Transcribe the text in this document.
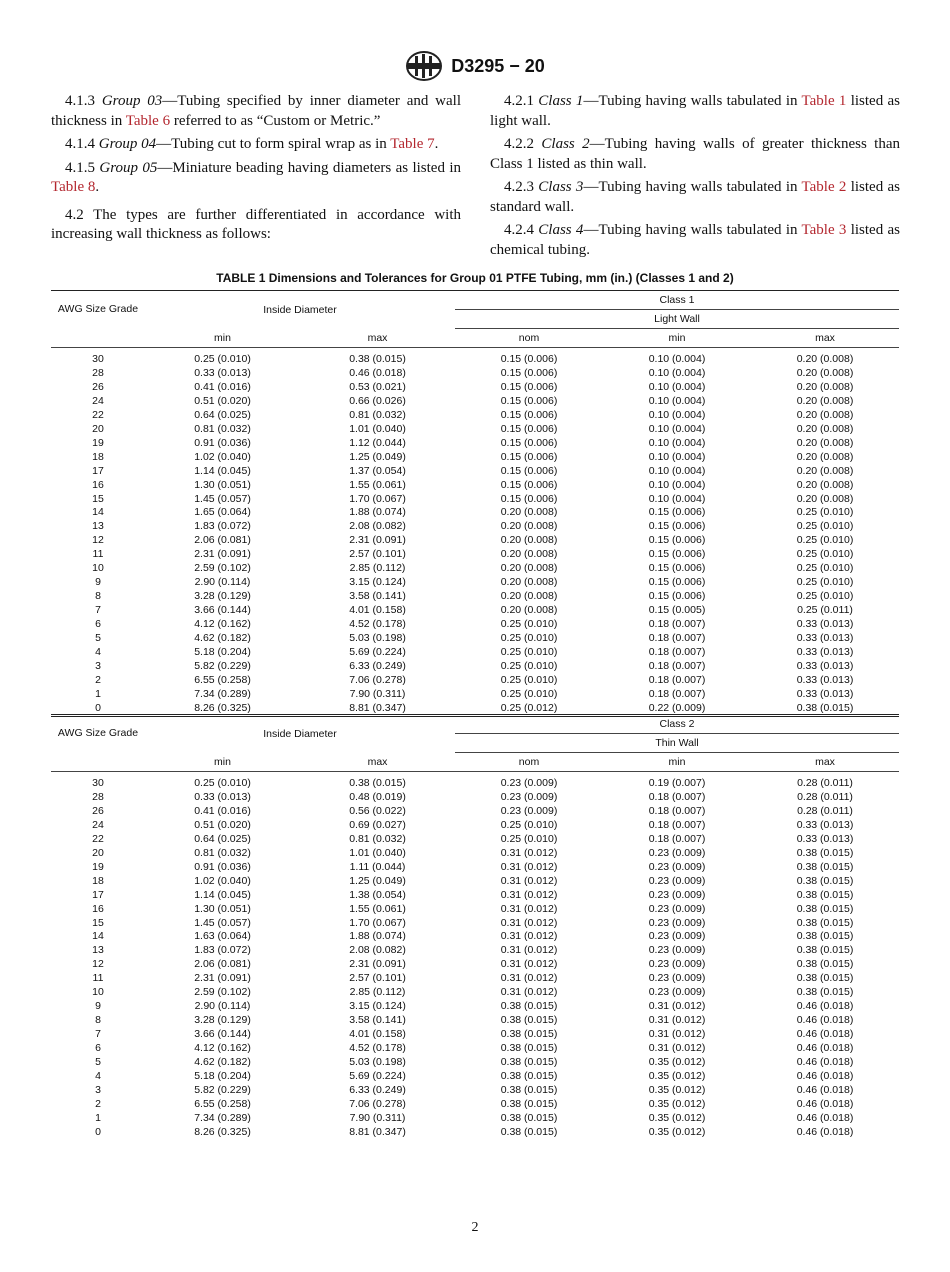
D3295 − 20

4.1.3 Group 03—Tubing specified by inner diameter and wall thickness in Table 6 referred to as “Custom or Metric.”

4.1.4 Group 04—Tubing cut to form spiral wrap as in Table 7.

4.1.5 Group 05—Miniature beading having diameters as listed in Table 8.

4.2 The types are further differentiated in accordance with increasing wall thickness as follows:

4.2.1 Class 1—Tubing having walls tabulated in Table 1 listed as light wall.

4.2.2 Class 2—Tubing having walls of greater thickness than Class 1 listed as thin wall.

4.2.3 Class 3—Tubing having walls tabulated in Table 2 listed as standard wall.

4.2.4 Class 4—Tubing having walls tabulated in Table 3 listed as chemical tubing.

TABLE 1 Dimensions and Tolerances for Group 01 PTFE Tubing, mm (in.) (Classes 1 and 2)
AWG Size Grade	Inside Diameter		Class 1		
			Light Wall		
	min	max	nom	min	max
30	0.25 (0.010)	0.38 (0.015)	0.15 (0.006)	0.10 (0.004)	0.20 (0.008)
28	0.33 (0.013)	0.46 (0.018)	0.15 (0.006)	0.10 (0.004)	0.20 (0.008)
26	0.41 (0.016)	0.53 (0.021)	0.15 (0.006)	0.10 (0.004)	0.20 (0.008)
24	0.51 (0.020)	0.66 (0.026)	0.15 (0.006)	0.10 (0.004)	0.20 (0.008)
22	0.64 (0.025)	0.81 (0.032)	0.15 (0.006)	0.10 (0.004)	0.20 (0.008)
20	0.81 (0.032)	1.01 (0.040)	0.15 (0.006)	0.10 (0.004)	0.20 (0.008)
19	0.91 (0.036)	1.12 (0.044)	0.15 (0.006)	0.10 (0.004)	0.20 (0.008)
18	1.02 (0.040)	1.25 (0.049)	0.15 (0.006)	0.10 (0.004)	0.20 (0.008)
17	1.14 (0.045)	1.37 (0.054)	0.15 (0.006)	0.10 (0.004)	0.20 (0.008)
16	1.30 (0.051)	1.55 (0.061)	0.15 (0.006)	0.10 (0.004)	0.20 (0.008)
15	1.45 (0.057)	1.70 (0.067)	0.15 (0.006)	0.10 (0.004)	0.20 (0.008)
14	1.65 (0.064)	1.88 (0.074)	0.20 (0.008)	0.15 (0.006)	0.25 (0.010)
13	1.83 (0.072)	2.08 (0.082)	0.20 (0.008)	0.15 (0.006)	0.25 (0.010)
12	2.06 (0.081)	2.31 (0.091)	0.20 (0.008)	0.15 (0.006)	0.25 (0.010)
11	2.31 (0.091)	2.57 (0.101)	0.20 (0.008)	0.15 (0.006)	0.25 (0.010)
10	2.59 (0.102)	2.85 (0.112)	0.20 (0.008)	0.15 (0.006)	0.25 (0.010)
9	2.90 (0.114)	3.15 (0.124)	0.20 (0.008)	0.15 (0.006)	0.25 (0.010)
8	3.28 (0.129)	3.58 (0.141)	0.20 (0.008)	0.15 (0.006)	0.25 (0.010)
7	3.66 (0.144)	4.01 (0.158)	0.20 (0.008)	0.15 (0.005)	0.25 (0.011)
6	4.12 (0.162)	4.52 (0.178)	0.25 (0.010)	0.18 (0.007)	0.33 (0.013)
5	4.62 (0.182)	5.03 (0.198)	0.25 (0.010)	0.18 (0.007)	0.33 (0.013)
4	5.18 (0.204)	5.69 (0.224)	0.25 (0.010)	0.18 (0.007)	0.33 (0.013)
3	5.82 (0.229)	6.33 (0.249)	0.25 (0.010)	0.18 (0.007)	0.33 (0.013)
2	6.55 (0.258)	7.06 (0.278)	0.25 (0.010)	0.18 (0.007)	0.33 (0.013)
1	7.34 (0.289)	7.90 (0.311)	0.25 (0.010)	0.18 (0.007)	0.33 (0.013)
0	8.26 (0.325)	8.81 (0.347)	0.25 (0.012)	0.22 (0.009)	0.38 (0.015)
AWG Size Grade	Inside Diameter		Class 2		
			Thin Wall		
	min	max	nom	min	max
30	0.25 (0.010)	0.38 (0.015)	0.23 (0.009)	0.19 (0.007)	0.28 (0.011)
28	0.33 (0.013)	0.48 (0.019)	0.23 (0.009)	0.18 (0.007)	0.28 (0.011)
26	0.41 (0.016)	0.56 (0.022)	0.23 (0.009)	0.18 (0.007)	0.28 (0.011)
24	0.51 (0.020)	0.69 (0.027)	0.25 (0.010)	0.18 (0.007)	0.33 (0.013)
22	0.64 (0.025)	0.81 (0.032)	0.25 (0.010)	0.18 (0.007)	0.33 (0.013)
20	0.81 (0.032)	1.01 (0.040)	0.31 (0.012)	0.23 (0.009)	0.38 (0.015)
19	0.91 (0.036)	1.11 (0.044)	0.31 (0.012)	0.23 (0.009)	0.38 (0.015)
18	1.02 (0.040)	1.25 (0.049)	0.31 (0.012)	0.23 (0.009)	0.38 (0.015)
17	1.14 (0.045)	1.38 (0.054)	0.31 (0.012)	0.23 (0.009)	0.38 (0.015)
16	1.30 (0.051)	1.55 (0.061)	0.31 (0.012)	0.23 (0.009)	0.38 (0.015)
15	1.45 (0.057)	1.70 (0.067)	0.31 (0.012)	0.23 (0.009)	0.38 (0.015)
14	1.63 (0.064)	1.88 (0.074)	0.31 (0.012)	0.23 (0.009)	0.38 (0.015)
13	1.83 (0.072)	2.08 (0.082)	0.31 (0.012)	0.23 (0.009)	0.38 (0.015)
12	2.06 (0.081)	2.31 (0.091)	0.31 (0.012)	0.23 (0.009)	0.38 (0.015)
11	2.31 (0.091)	2.57 (0.101)	0.31 (0.012)	0.23 (0.009)	0.38 (0.015)
10	2.59 (0.102)	2.85 (0.112)	0.31 (0.012)	0.23 (0.009)	0.38 (0.015)
9	2.90 (0.114)	3.15 (0.124)	0.38 (0.015)	0.31 (0.012)	0.46 (0.018)
8	3.28 (0.129)	3.58 (0.141)	0.38 (0.015)	0.31 (0.012)	0.46 (0.018)
7	3.66 (0.144)	4.01 (0.158)	0.38 (0.015)	0.31 (0.012)	0.46 (0.018)
6	4.12 (0.162)	4.52 (0.178)	0.38 (0.015)	0.31 (0.012)	0.46 (0.018)
5	4.62 (0.182)	5.03 (0.198)	0.38 (0.015)	0.35 (0.012)	0.46 (0.018)
4	5.18 (0.204)	5.69 (0.224)	0.38 (0.015)	0.35 (0.012)	0.46 (0.018)
3	5.82 (0.229)	6.33 (0.249)	0.38 (0.015)	0.35 (0.012)	0.46 (0.018)
2	6.55 (0.258)	7.06 (0.278)	0.38 (0.015)	0.35 (0.012)	0.46 (0.018)
1	7.34 (0.289)	7.90 (0.311)	0.38 (0.015)	0.35 (0.012)	0.46 (0.018)
0	8.26 (0.325)	8.81 (0.347)	0.38 (0.015)	0.35 (0.012)	0.46 (0.018)
2
